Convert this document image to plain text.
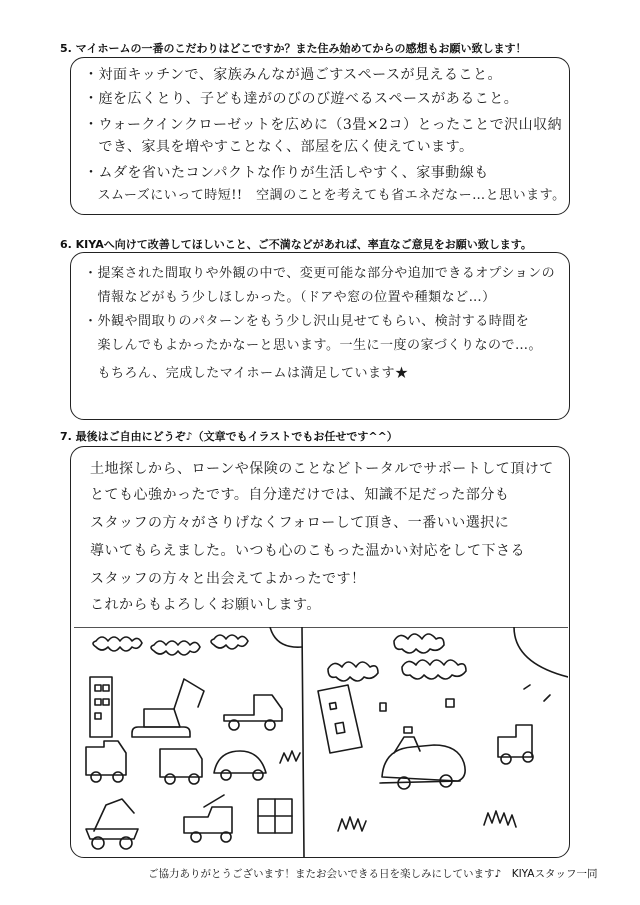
5. マイホームの一番のこだわりはどこですか？また住み始めてからの感想もお願い致します！
・対面キッチンで、家族みんなが過ごすスペースが見えること。
・庭を広くとり、子ども達がのびのび遊べるスペースがあること。
・ウォークインクローゼットを広めに（3畳×2コ）とったことで沢山収納
　でき、家具を増やすことなく、部屋を広く使えています。
・ムダを省いたコンパクトな作りが生活しやすく、家事動線も
　スムーズにいって時短!!　空調のことを考えても省エネだなー…と思います。
6. KIYAへ向けて改善してほしいこと、ご不満などがあれば、率直なご意見をお願い致します。
・提案された間取りや外観の中で、変更可能な部分や追加できるオプションの
　情報などがもう少しほしかった。（ドアや窓の位置や種類など…）
・外観や間取りのパターンをもう少し沢山見せてもらい、検討する時間を
　楽しんでもよかったかなーと思います。一生に一度の家づくりなので…。
　もちろん、完成したマイホームは満足しています★
7. 最後はご自由にどうぞ♪（文章でもイラストでもお任せです^^）
土地探しから、ローンや保険のことなどトータルでサポートして頂けて
とても心強かったです。自分達だけでは、知識不足だった部分も
スタッフの方々がさりげなくフォローして頂き、一番いい選択に
導いてもらえました。いつも心のこもった温かい対応をして下さる
スタッフの方々と出会えてよかったです！
これからもよろしくお願いします。
ご協力ありがとうございます！またお会いできる日を楽しみにしています♪　KIYAスタッフ一同
